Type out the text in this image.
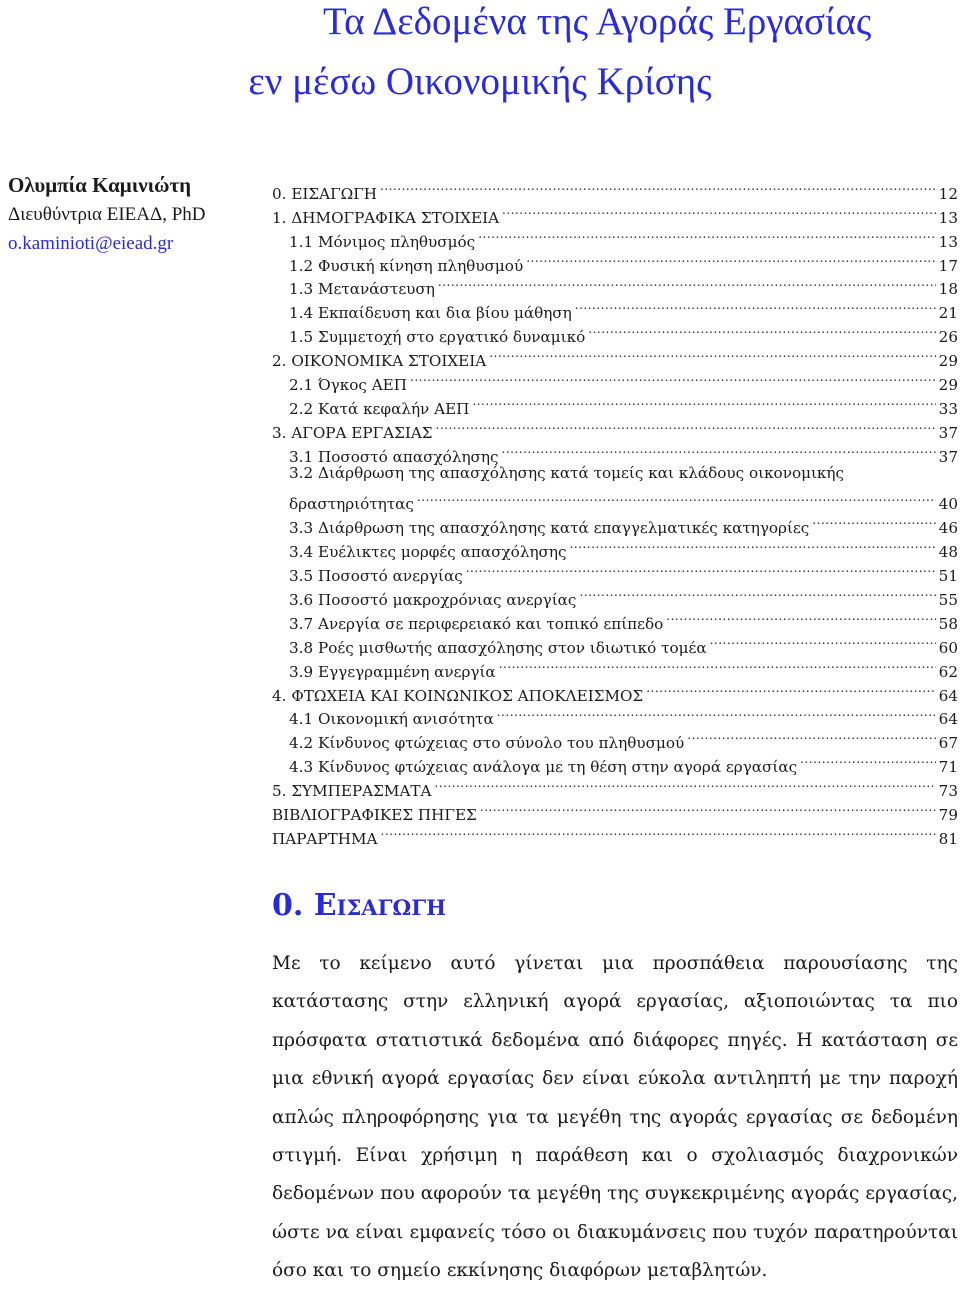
Τα Δεδομένα της Αγοράς Εργασίας
εν μέσω Οικονομικής Κρίσης
Ολυμπία Καμινιώτη
Διευθύντρια ΕΙΕΑΔ, PhD
o.kaminioti@eiead.gr
0. ΕΙΣΑΓΩΓΗ .....	12
1. ΔΗΜΟΓΡΑΦΙΚΑ ΣΤΟΙΧΕΙΑ .....	13
1.1 Μόνιμος πληθυσμός .....	13
1.2 Φυσική κίνηση πληθυσμού .....	17
1.3 Μετανάστευση .....	18
1.4 Εκπαίδευση και δια βίου μάθηση .....	21
1.5 Συμμετοχή στο εργατικό δυναμικό .....	26
2. ΟΙΚΟΝΟΜΙΚΑ ΣΤΟΙΧΕΙΑ .....	29
2.1 Όγκος ΑΕΠ .....	29
2.2 Κατά κεφαλήν ΑΕΠ .....	33
3. ΑΓΟΡΑ ΕΡΓΑΣΙΑΣ .....	37
3.1 Ποσοστό απασχόλησης .....	37
3.2 Διάρθρωση της απασχόλησης κατά τομείς και κλάδους οικονομικής
δραστηριότητας .....	40
3.3 Διάρθρωση της απασχόλησης κατά επαγγελματικές κατηγορίες .....	46
3.4 Ευέλικτες μορφές απασχόλησης .....	48
3.5 Ποσοστό ανεργίας .....	51
3.6 Ποσοστό μακροχρόνιας ανεργίας .....	55
3.7 Ανεργία σε περιφερειακό και τοπικό επίπεδο .....	58
3.8 Ροές μισθωτής απασχόλησης στον ιδιωτικό τομέα .....	60
3.9 Εγγεγραμμένη ανεργία .....	62
4. ΦΤΩΧΕΙΑ ΚΑΙ ΚΟΙΝΩΝΙΚΟΣ ΑΠΟΚΛΕΙΣΜΟΣ .....	64
4.1 Οικονομική ανισότητα .....	64
4.2 Κίνδυνος φτώχειας στο σύνολο του πληθυσμού .....	67
4.3 Κίνδυνος φτώχειας ανάλογα με τη θέση στην αγορά εργασίας .....	71
5. ΣΥΜΠΕΡΑΣΜΑΤΑ .....	73
ΒΙΒΛΙΟΓΡΑΦΙΚΕΣ ΠΗΓΕΣ .....	79
ΠΑΡΑΡΤΗΜΑ .....	81
0. Εισαγωγη

Με το κείμενο αυτό γίνεται μια προσπάθεια παρουσίασης της κατάστασης στην ελληνική αγορά εργασίας, αξιοποιώντας τα πιο πρόσφατα στατιστικά δεδομένα από διάφορες πηγές. Η κατάσταση σε μια εθνική αγορά εργασίας δεν είναι εύκολα αντιληπτή με την παροχή απλώς πληροφόρησης για τα μεγέθη της αγοράς εργασίας σε δεδομένη στιγμή. Είναι χρήσιμη η παράθεση και ο σχολιασμός διαχρονικών δεδομένων που αφορούν τα μεγέθη της συγκεκριμένης αγοράς εργασίας, ώστε να είναι εμφανείς τόσο οι διακυμάνσεις που τυχόν παρατηρούνται όσο και το σημείο εκκίνησης διαφόρων μεταβλητών.
